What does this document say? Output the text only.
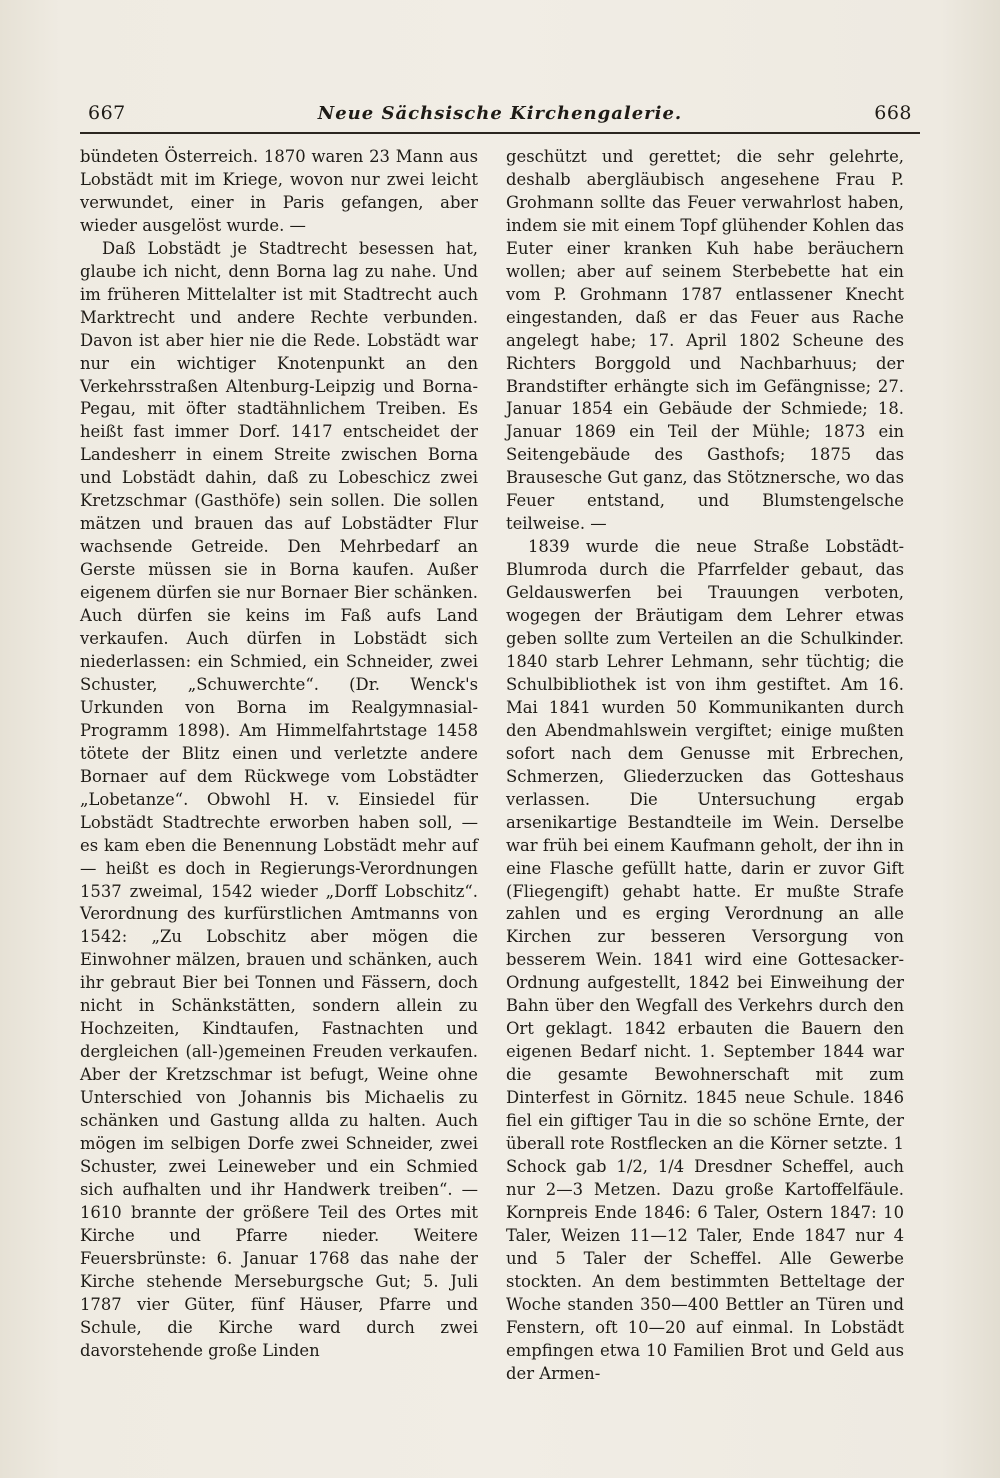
667	Neue Sächsische Kirchengalerie.	668

bündeten Österreich. 1870 waren 23 Mann aus Lobstädt mit im Kriege, wovon nur zwei leicht verwundet, einer in Paris gefangen, aber wieder ausgelöst wurde. —

Daß Lobstädt je Stadtrecht besessen hat, glaube ich nicht, denn Borna lag zu nahe. Und im früheren Mittelalter ist mit Stadtrecht auch Marktrecht und andere Rechte verbunden. Davon ist aber hier nie die Rede. Lobstädt war nur ein wichtiger Knotenpunkt an den Verkehrsstraßen Altenburg-Leipzig und Borna-Pegau, mit öfter stadtähnlichem Treiben. Es heißt fast immer Dorf. 1417 entscheidet der Landesherr in einem Streite zwischen Borna und Lobstädt dahin, daß zu Lobeschicz zwei Kretzschmar (Gasthöfe) sein sollen. Die sollen mätzen und brauen das auf Lobstädter Flur wachsende Getreide. Den Mehrbedarf an Gerste müssen sie in Borna kaufen. Außer eigenem dürfen sie nur Bornaer Bier schänken. Auch dürfen sie keins im Faß aufs Land verkaufen. Auch dürfen in Lobstädt sich niederlassen: ein Schmied, ein Schneider, zwei Schuster, „Schuwerchte“. (Dr. Wenck's Urkunden von Borna im Realgymnasial-Programm 1898). Am Himmelfahrtstage 1458 tötete der Blitz einen und verletzte andere Bornaer auf dem Rückwege vom Lobstädter „Lobetanze“. Obwohl H. v. Einsiedel für Lobstädt Stadtrechte erworben haben soll, — es kam eben die Benennung Lobstädt mehr auf — heißt es doch in Regierungs-Verordnungen 1537 zweimal, 1542 wieder „Dorff Lobschitz“. Verordnung des kurfürstlichen Amtmanns von 1542: „Zu Lobschitz aber mögen die Einwohner mälzen, brauen und schänken, auch ihr gebraut Bier bei Tonnen und Fässern, doch nicht in Schänkstätten, sondern allein zu Hochzeiten, Kindtaufen, Fastnachten und dergleichen (all-)gemeinen Freuden verkaufen. Aber der Kretzschmar ist befugt, Weine ohne Unterschied von Johannis bis Michaelis zu schänken und Gastung allda zu halten. Auch mögen im selbigen Dorfe zwei Schneider, zwei Schuster, zwei Leineweber und ein Schmied sich aufhalten und ihr Handwerk treiben“. — 1610 brannte der größere Teil des Ortes mit Kirche und Pfarre nieder. Weitere Feuersbrünste: 6. Januar 1768 das nahe der Kirche stehende Merseburgsche Gut; 5. Juli 1787 vier Güter, fünf Häuser, Pfarre und Schule, die Kirche ward durch zwei davorstehende große Linden

geschützt und gerettet; die sehr gelehrte, deshalb abergläubisch angesehene Frau P. Grohmann sollte das Feuer verwahrlost haben, indem sie mit einem Topf glühender Kohlen das Euter einer kranken Kuh habe beräuchern wollen; aber auf seinem Sterbebette hat ein vom P. Grohmann 1787 entlassener Knecht eingestanden, daß er das Feuer aus Rache angelegt habe; 17. April 1802 Scheune des Richters Borggold und Nachbarhuus; der Brandstifter erhängte sich im Gefängnisse; 27. Januar 1854 ein Gebäude der Schmiede; 18. Januar 1869 ein Teil der Mühle; 1873 ein Seitengebäude des Gasthofs; 1875 das Brausesche Gut ganz, das Stötznersche, wo das Feuer entstand, und Blumstengelsche teilweise. —

1839 wurde die neue Straße Lobstädt-Blumroda durch die Pfarrfelder gebaut, das Geldauswerfen bei Trauungen verboten, wogegen der Bräutigam dem Lehrer etwas geben sollte zum Verteilen an die Schulkinder. 1840 starb Lehrer Lehmann, sehr tüchtig; die Schulbibliothek ist von ihm gestiftet. Am 16. Mai 1841 wurden 50 Kommunikanten durch den Abendmahlswein vergiftet; einige mußten sofort nach dem Genusse mit Erbrechen, Schmerzen, Gliederzucken das Gotteshaus verlassen. Die Untersuchung ergab arsenikartige Bestandteile im Wein. Derselbe war früh bei einem Kaufmann geholt, der ihn in eine Flasche gefüllt hatte, darin er zuvor Gift (Fliegengift) gehabt hatte. Er mußte Strafe zahlen und es erging Verordnung an alle Kirchen zur besseren Versorgung von besserem Wein. 1841 wird eine Gottesacker-Ordnung aufgestellt, 1842 bei Einweihung der Bahn über den Wegfall des Verkehrs durch den Ort geklagt. 1842 erbauten die Bauern den eigenen Bedarf nicht. 1. September 1844 war die gesamte Bewohnerschaft mit zum Dinterfest in Görnitz. 1845 neue Schule. 1846 fiel ein giftiger Tau in die so schöne Ernte, der überall rote Rostflecken an die Körner setzte. 1 Schock gab 1/2, 1/4 Dresdner Scheffel, auch nur 2—3 Metzen. Dazu große Kartoffelfäule. Kornpreis Ende 1846: 6 Taler, Ostern 1847: 10 Taler, Weizen 11—12 Taler, Ende 1847 nur 4 und 5 Taler der Scheffel. Alle Gewerbe stockten. An dem bestimmten Betteltage der Woche standen 350—400 Bettler an Türen und Fenstern, oft 10—20 auf einmal. In Lobstädt empfingen etwa 10 Familien Brot und Geld aus der Armen-
